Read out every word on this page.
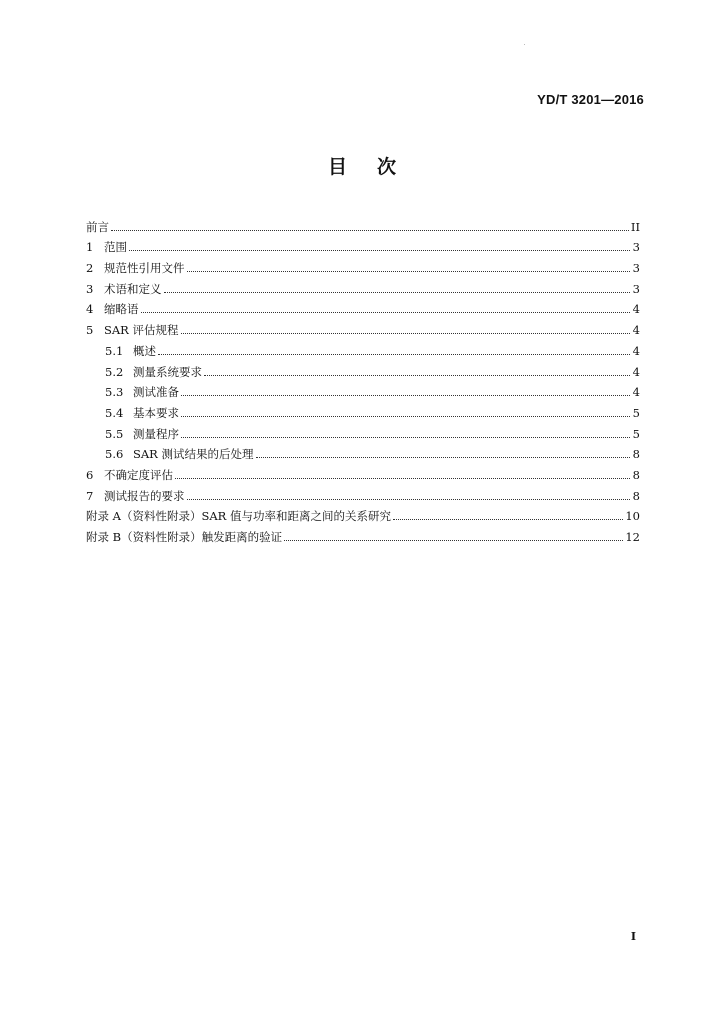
YD/T 3201—2016
目次
前言	II
1 范围	3
2 规范性引用文件	3
3 术语和定义	3
4 缩略语	4
5 SAR 评估规程	4
5.1 概述	4
5.2 测量系统要求	4
5.3 测试准备	4
5.4 基本要求	5
5.5 测量程序	5
5.6 SAR 测试结果的后处理	8
6 不确定度评估	8
7 测试报告的要求	8
附录 A（资料性附录）SAR 值与功率和距离之间的关系研究	10
附录 B（资料性附录）触发距离的验证	12
I
